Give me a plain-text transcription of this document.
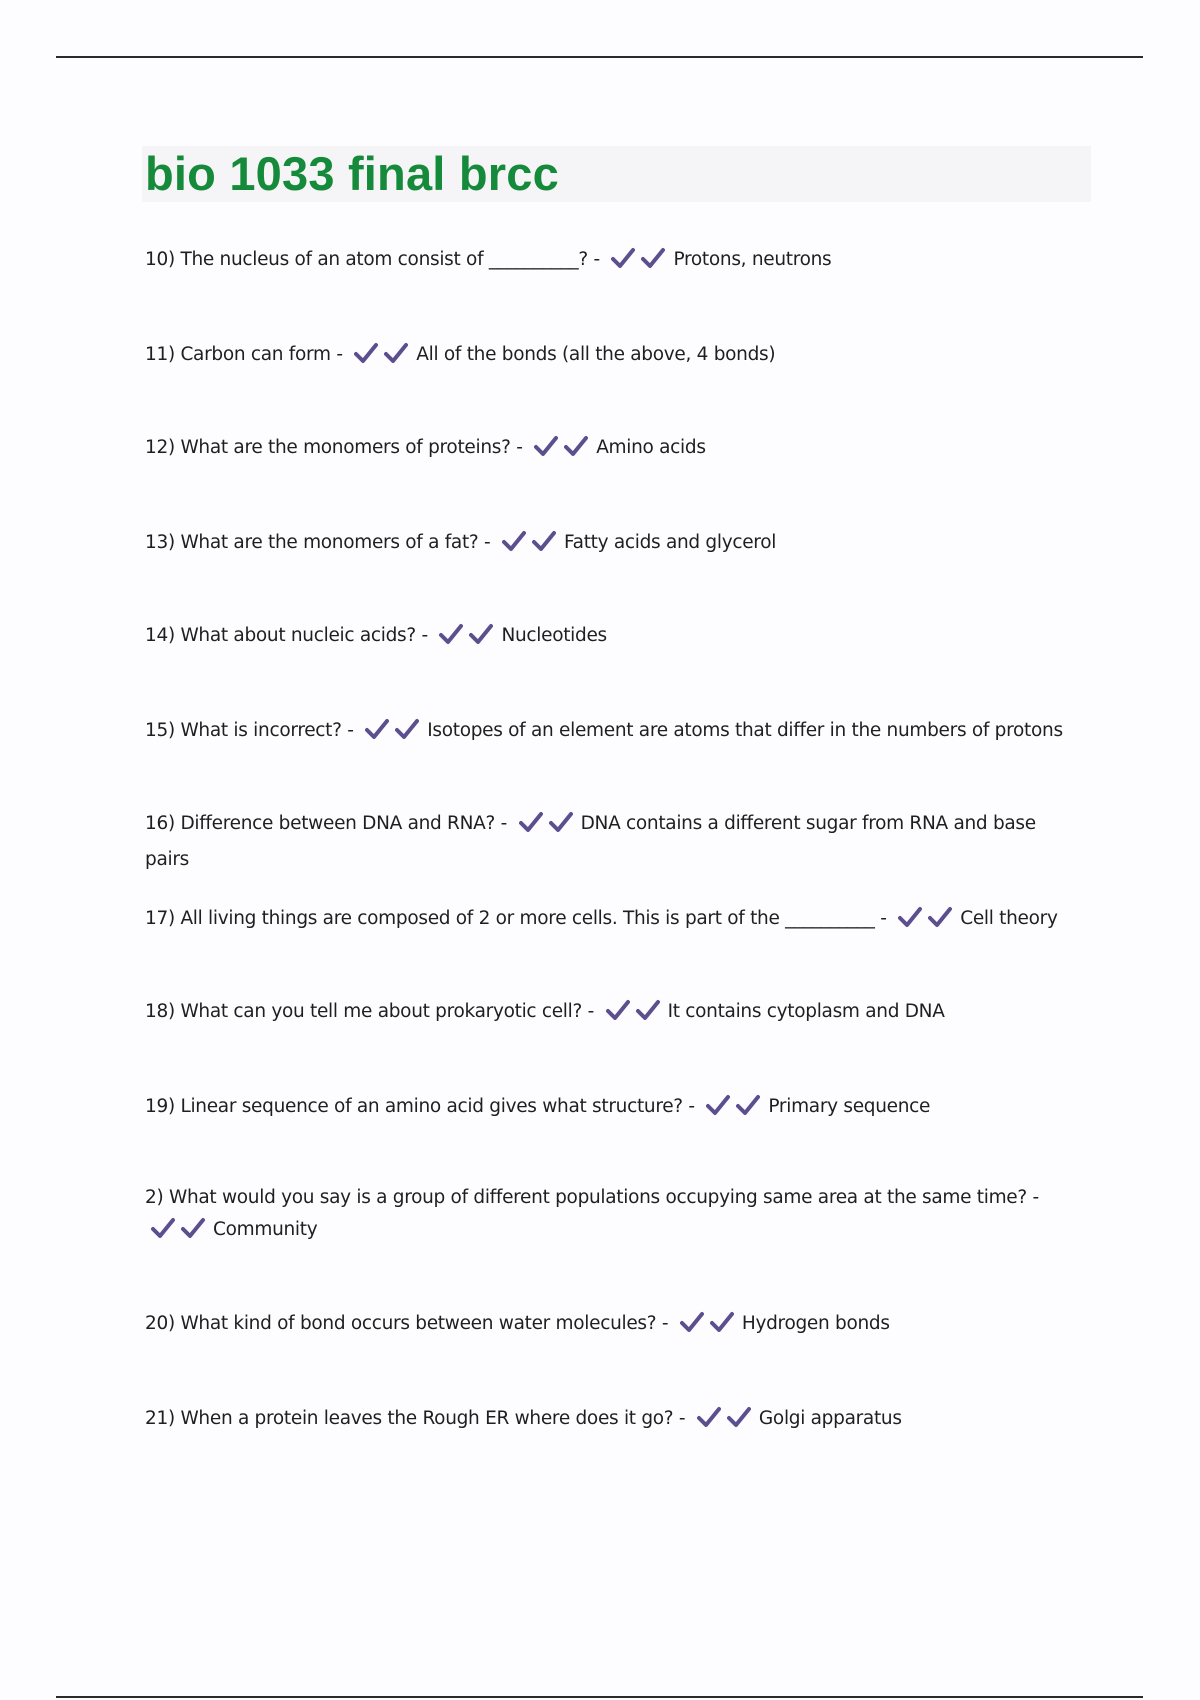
bio 1033 final brcc
10) The nucleus of an atom consist of __________? -	Protons, neutrons
11) Carbon can form -	All of the bonds (all the above, 4 bonds)
12) What are the monomers of proteins? -	Amino acids
13) What are the monomers of a fat? -	Fatty acids and glycerol
14) What about nucleic acids? -	Nucleotides
15) What is incorrect? -	Isotopes of an element are atoms that differ in the numbers of protons
16) Difference between DNA and RNA? -	DNA contains a different sugar from RNA and base pairs
17) All living things are composed of 2 or more cells. This is part of the __________ -	Cell theory
18) What can you tell me about prokaryotic cell? -	It contains cytoplasm and DNA
19) Linear sequence of an amino acid gives what structure? -	Primary sequence
2) What would you say is a group of different populations occupying same area at the same time? -
Community
20) What kind of bond occurs between water molecules? -	Hydrogen bonds
21) When a protein leaves the Rough ER where does it go? -	Golgi apparatus
